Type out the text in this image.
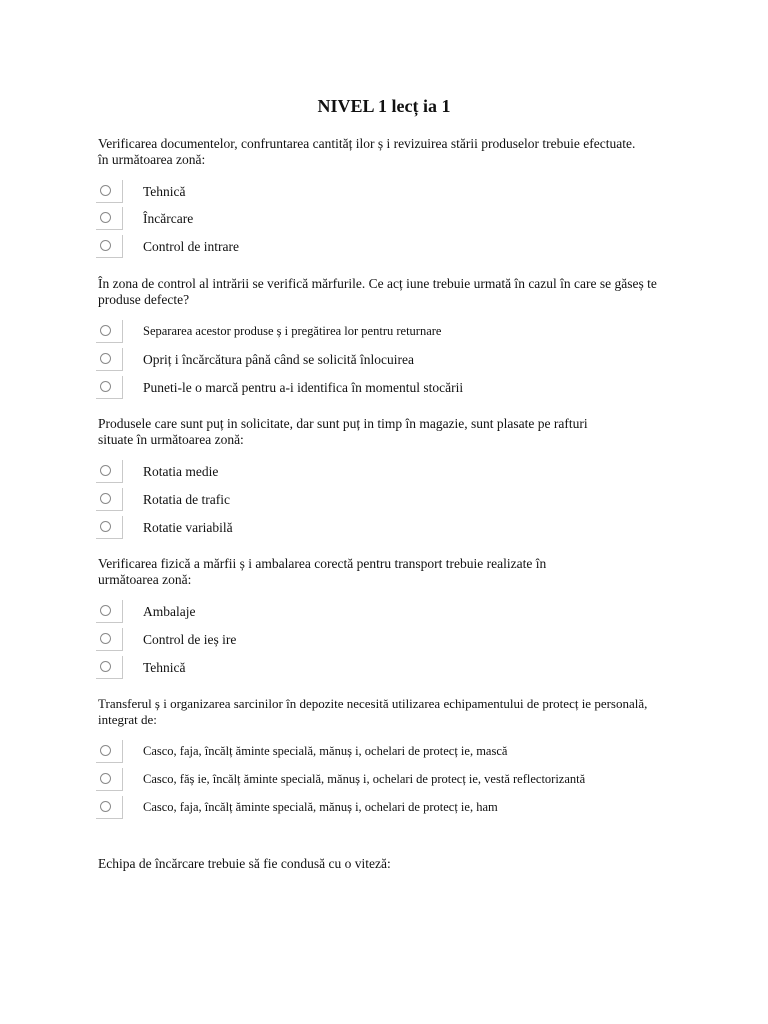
NIVEL 1 lecț ia 1
Verificarea documentelor, confruntarea cantităț ilor ș i revizuirea stării produselor trebuie efectuate.
în următoarea zonă:
Tehnică
Încărcare
Control de intrare
În zona de control al intrării se verifică mărfurile. Ce acț iune trebuie urmată în cazul în care se găseș te
produse defecte?
Separarea acestor produse ș i pregătirea lor pentru returnare
Opriț i încărcătura până când se solicită înlocuirea
Puneti-le o marcă pentru a-i identifica în momentul stocării
Produsele care sunt puț in solicitate, dar sunt puț in timp în magazie, sunt plasate pe rafturi
situate în următoarea zonă:
Rotatia medie
Rotatia de trafic
Rotatie variabilă
Verificarea fizică a mărfii ș i ambalarea corectă pentru transport trebuie realizate în
următoarea zonă:
Ambalaje
Control de ieș ire
Tehnică
Transferul ș i organizarea sarcinilor în depozite necesită utilizarea echipamentului de protecț ie personală,
integrat de:
Casco, faja, încălț ăminte specială, mănuș i, ochelari de protecț ie, mască
Casco, făș ie, încălț ăminte specială, mănuș i, ochelari de protecț ie, vestă reflectorizantă
Casco, faja, încălț ăminte specială, mănuș i, ochelari de protecț ie, ham
Echipa de încărcare trebuie să fie condusă cu o viteză:
